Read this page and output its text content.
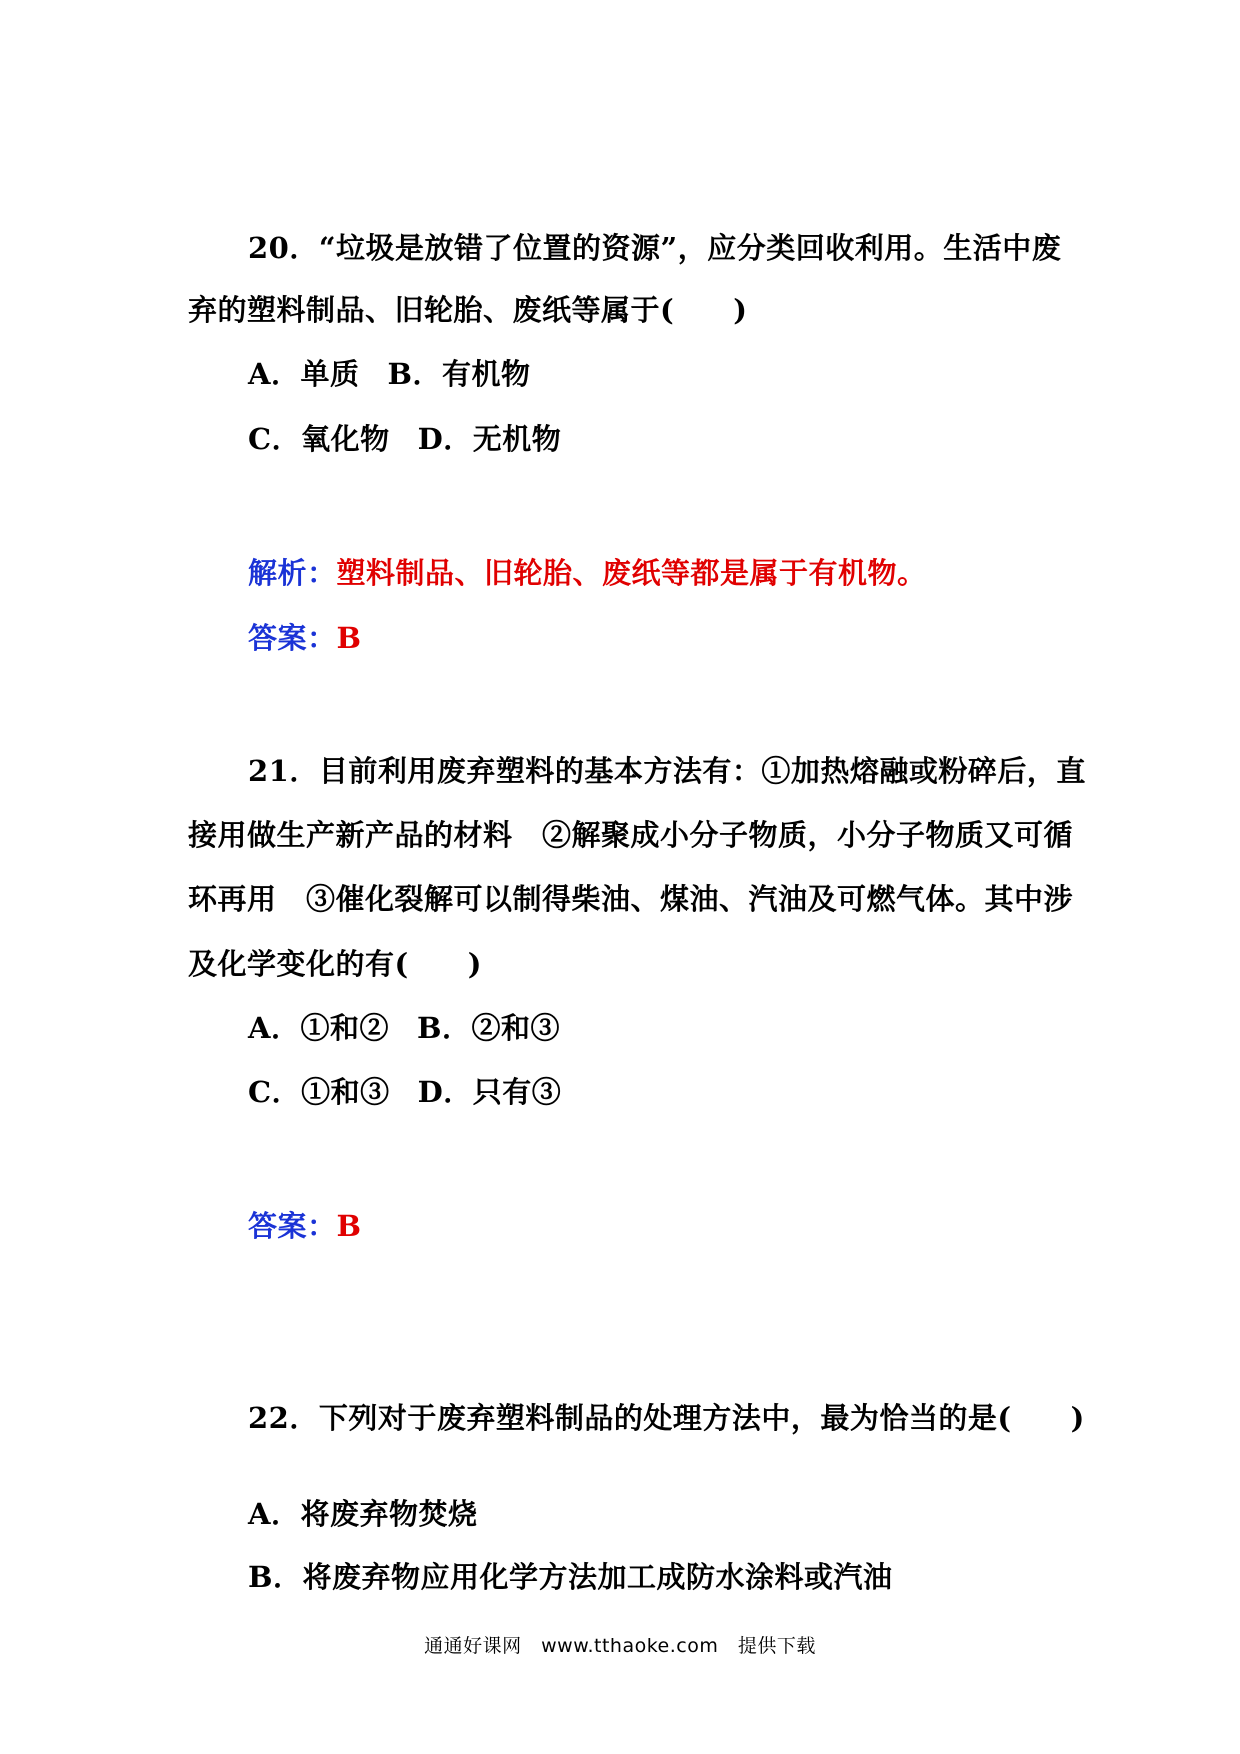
20．“垃圾是放错了位置的资源”，应分类回收利用。生活中废
弃的塑料制品、旧轮胎、废纸等属于(　　)
A．单质 B．有机物
C．氧化物 D．无机物
解析：塑料制品、旧轮胎、废纸等都是属于有机物。
答案：B
21．目前利用废弃塑料的基本方法有：①加热熔融或粉碎后，直
接用做生产新产品的材料　②解聚成小分子物质，小分子物质又可循
环再用　③催化裂解可以制得柴油、煤油、汽油及可燃气体。其中涉
及化学变化的有(　　)
A．①和② B．②和③
C．①和③ D．只有③
答案：B
22．下列对于废弃塑料制品的处理方法中，最为恰当的是(　　)
A．将废弃物焚烧
B．将废弃物应用化学方法加工成防水涂料或汽油
通通好课网　www.tthaoke.com　提供下载
